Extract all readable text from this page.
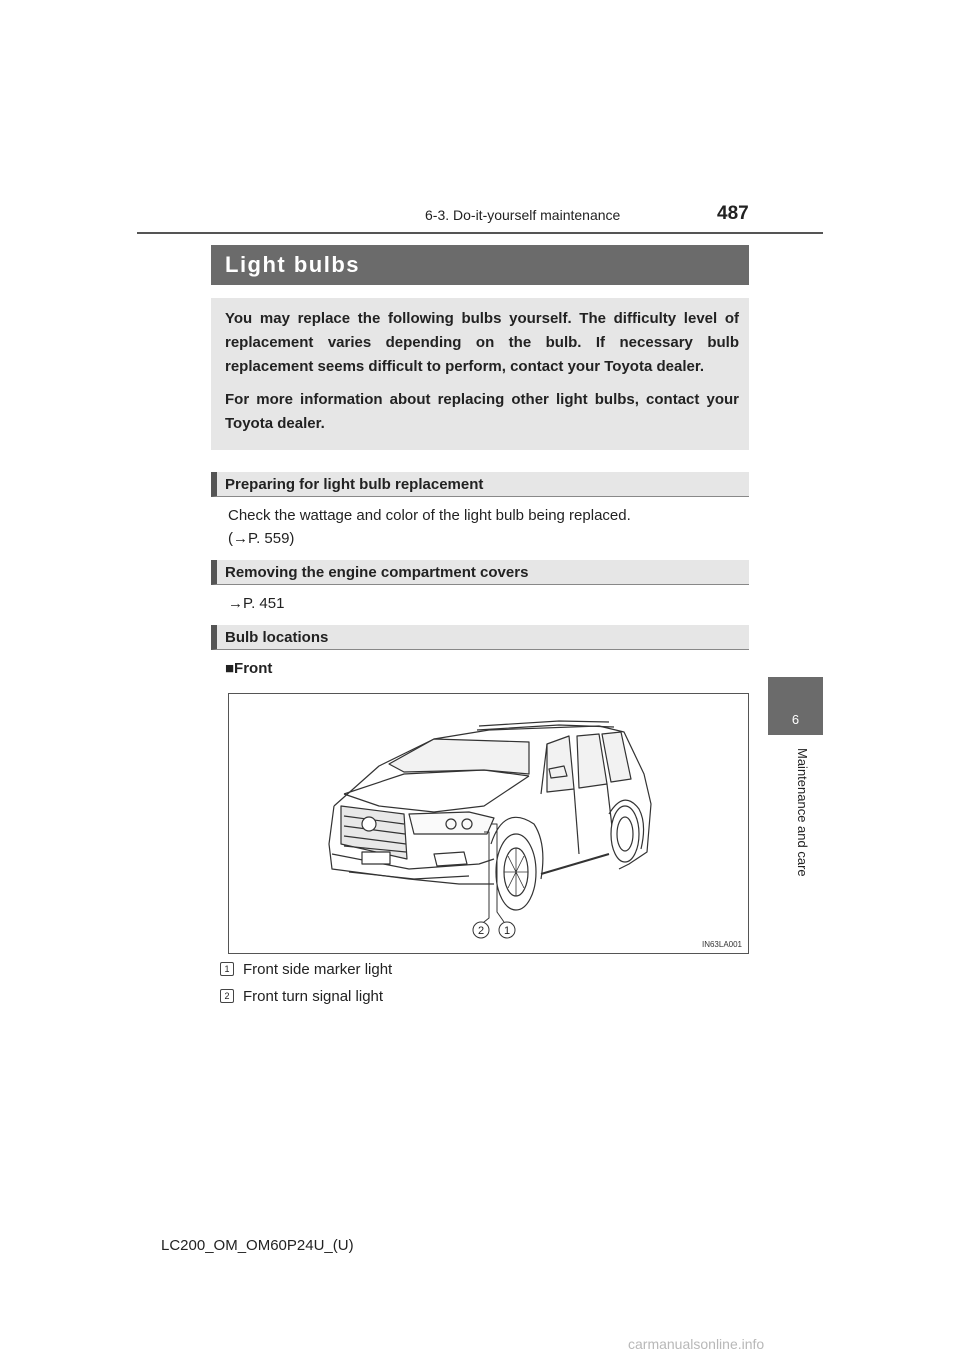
6-3. Do-it-yourself maintenance	487
6
Maintenance and care
Light bulbs

You may replace the following bulbs yourself. The difficulty level of replacement varies depending on the bulb. If necessary bulb replacement seems difficult to perform, contact your Toyota dealer.

For more information about replacing other light bulbs, contact your Toyota dealer.

Preparing for light bulb replacement
Check the wattage and color of the light bulb being replaced.
(→P. 559)
Removing the engine compartment covers
→P. 451
Bulb locations
■Front
2 1
IN63LA001
1 Front side marker light
2 Front turn signal light
LC200_OM_OM60P24U_(U)
carmanualsonline.info
